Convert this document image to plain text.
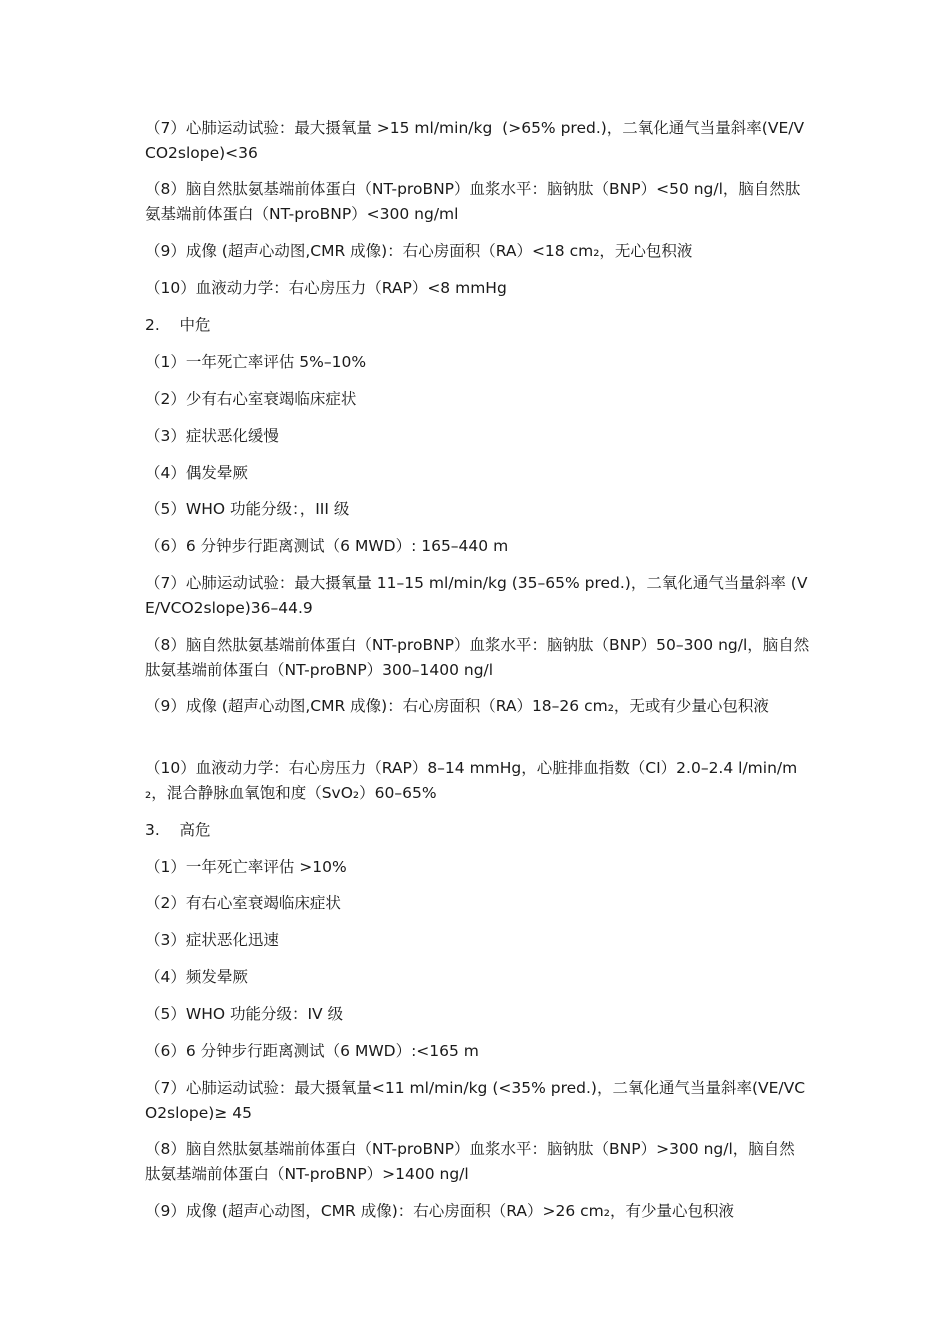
（7）心肺运动试验：最大摄氧量 >15 ml/min/kg  (>65% pred.)，二氧化通气当量斜率(VE/VCO2slope)<36
（8）脑自然肽氨基端前体蛋白（NT-proBNP）血浆水平：脑钠肽（BNP）<50 ng/l，脑自然肽氨基端前体蛋白（NT-proBNP）<300 ng/ml
（9）成像 (超声心动图,CMR 成像)：右心房面积（RA）<18 cm₂，无心包积液
（10）血液动力学：右心房压力（RAP）<8 mmHg
2.    中危
（1）一年死亡率评估 5%–10%
（2）少有右心室衰竭临床症状
（3）症状恶化缓慢
（4）偶发晕厥
（5）WHO 功能分级：，III 级
（6）6 分钟步行距离测试（6 MWD）: 165–440 m
（7）心肺运动试验：最大摄氧量 11–15 ml/min/kg (35–65% pred.)，二氧化通气当量斜率 (VE/VCO2slope)36–44.9
（8）脑自然肽氨基端前体蛋白（NT-proBNP）血浆水平：脑钠肽（BNP）50–300 ng/l，脑自然肽氨基端前体蛋白（NT-proBNP）300–1400 ng/l
（9）成像 (超声心动图,CMR 成像)：右心房面积（RA）18–26 cm₂，无或有少量心包积液
（10）血液动力学：右心房压力（RAP）8–14 mmHg，心脏排血指数（CI）2.0–2.4 l/min/m₂，混合静脉血氧饱和度（SvO₂）60–65%
3.    高危
（1）一年死亡率评估 >10%
（2）有右心室衰竭临床症状
（3）症状恶化迅速
（4）频发晕厥
（5）WHO 功能分级：IV 级
（6）6 分钟步行距离测试（6 MWD）:<165 m
（7）心肺运动试验：最大摄氧量<11 ml/min/kg (<35% pred.)，二氧化通气当量斜率(VE/VCO2slope)≥ 45
（8）脑自然肽氨基端前体蛋白（NT-proBNP）血浆水平：脑钠肽（BNP）>300 ng/l，脑自然肽氨基端前体蛋白（NT-proBNP）>1400 ng/l
（9）成像 (超声心动图，CMR 成像)：右心房面积（RA）>26 cm₂，有少量心包积液
